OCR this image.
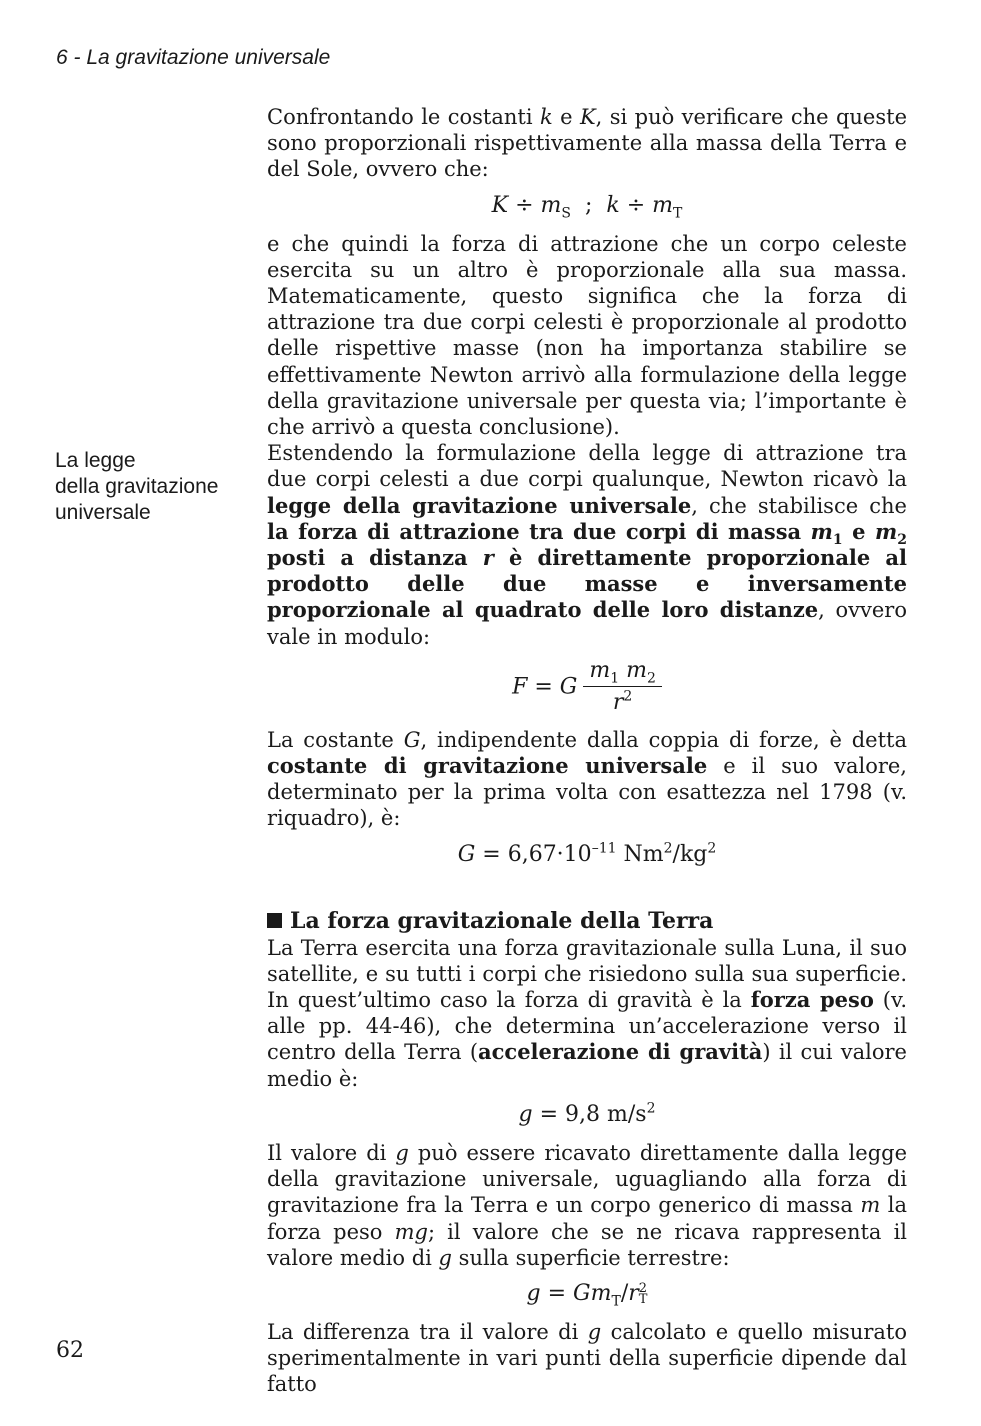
6 - La gravitazione universale
La legge
della gravitazione
universale

Confrontando le costanti k e K, si può verificare che queste sono proporzionali rispettivamente alla massa della Terra e del Sole, ovvero che:

$K \div m_S$  ;  $k \div m_T$

e che quindi la forza di attrazione che un corpo celeste esercita su un altro è proporzionale alla sua massa. Matematicamente, questo significa che la forza di attrazione tra due corpi celesti è proporzionale al prodotto delle rispettive masse (non ha importanza stabilire se effettivamente Newton arrivò alla formulazione della legge della gravitazione universale per questa via; l’importante è che arrivò a questa conclusione).

Estendendo la formulazione della legge di attrazione tra due corpi celesti a due corpi qualunque, Newton ricavò la legge della gravitazione universale, che stabilisce che la forza di attrazione tra due corpi di massa $m_1$ e $m_2$ posti a distanza r è direttamente proporzionale al prodotto delle due masse e inversamente proporzionale al quadrato delle loro distanze, ovvero vale in modulo:

F = G $\frac{m_1 m_2}{r^2}$

La costante G, indipendente dalla coppia di forze, è detta costante di gravitazione universale e il suo valore, determinato per la prima volta con esattezza nel 1798 (v. riquadro), è:

$G = 6,67\cdot 10^{-11}$ $Nm^2/kg^2$
La forza gravitazionale della Terra

La Terra esercita una forza gravitazionale sulla Luna, il suo satellite, e su tutti i corpi che risiedono sulla sua superficie. In quest’ultimo caso la forza di gravità è la forza peso (v. alle pp. 44-46), che determina un’accelerazione verso il centro della Terra (accelerazione di gravità) il cui valore medio è:

g = 9,8 $m/s^2$

Il valore di g può essere ricavato direttamente dalla legge della gravitazione universale, uguagliando alla forza di gravitazione fra la Terra e un corpo generico di massa m la forza peso mg; il valore che se ne ricava rappresenta il valore medio di g sulla superficie terrestre:

$g = Gm_T/r$ 2
T

La differenza tra il valore di g calcolato e quello misurato sperimentalmente in vari punti della superficie dipende dal fatto

62
